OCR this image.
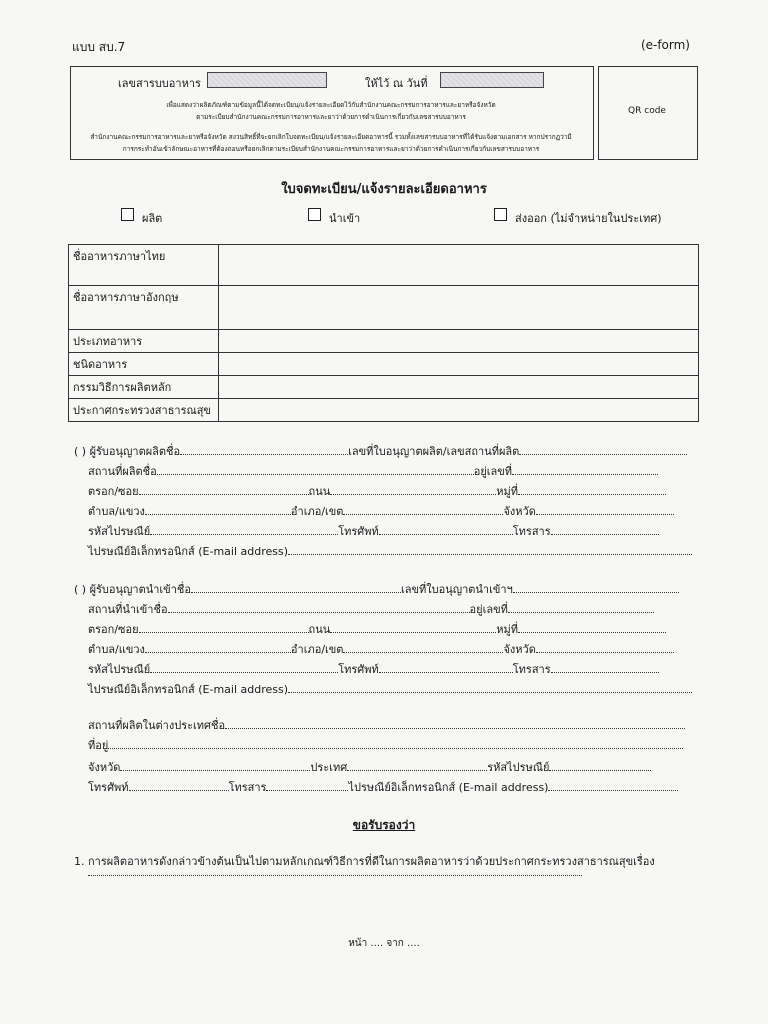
แบบ สบ.7	(e-form)
เลขสารบบอาหาร	ให้ไว้ ณ วันที่
เพื่อแสดงว่าผลิตภัณฑ์ตามข้อมูลนี้ได้จดทะเบียน/แจ้งรายละเอียดไว้กับสำนักงานคณะกรรมการอาหารและยาหรือจังหวัด
ตามระเบียบสำนักงานคณะกรรมการอาหารและยาว่าด้วยการดำเนินการเกี่ยวกับเลขสารบบอาหาร
สำนักงานคณะกรรมการอาหารและยาหรือจังหวัด สงวนสิทธิ์ที่จะยกเลิกใบจดทะเบียน/แจ้งรายละเอียดอาหารนี้ รวมทั้งเลขสารบบอาหารที่ได้รับแจ้งตามเอกสาร หากปรากฏว่ามี
การกระทำอันเข้าลักษณะอาหารที่ต้องถอนหรือยกเลิกตามระเบียบสำนักงานคณะกรรมการอาหารและยาว่าด้วยการดำเนินการเกี่ยวกับเลขสารบบอาหาร
QR code
ใบจดทะเบียน/แจ้งรายละเอียดอาหาร
ผลิต	นำเข้า	ส่งออก (ไม่จำหน่ายในประเทศ)
ชื่ออาหารภาษาไทย	
ชื่ออาหารภาษาอังกฤษ	
ประเภทอาหาร	
ชนิดอาหาร	
กรรมวิธีการผลิตหลัก	
ประกาศกระทรวงสาธารณสุข	
( ) ผู้รับอนุญาตผลิตชื่อ	เลขที่ใบอนุญาตผลิต/เลขสถานที่ผลิต
สถานที่ผลิตชื่อ	อยู่เลขที่
ตรอก/ซอย	ถนน	หมู่ที่
ตำบล/แขวง	อำเภอ/เขต	จังหวัด
รหัสไปรษณีย์	โทรศัพท์	โทรสาร
ไปรษณีย์อิเล็กทรอนิกส์ (E-mail address)
( ) ผู้รับอนุญาตนำเข้าชื่อ	เลขที่ใบอนุญาตนำเข้าฯ
สถานที่นำเข้าชื่อ	อยู่เลขที่
ตรอก/ซอย	ถนน	หมู่ที่
ตำบล/แขวง	อำเภอ/เขต	จังหวัด
รหัสไปรษณีย์	โทรศัพท์	โทรสาร
ไปรษณีย์อิเล็กทรอนิกส์ (E-mail address)
สถานที่ผลิตในต่างประเทศชื่อ
ที่อยู่
จังหวัด	ประเทศ	รหัสไปรษณีย์
โทรศัพท์	โทรสาร	ไปรษณีย์อิเล็กทรอนิกส์ (E-mail address)
ขอรับรองว่า
1. การผลิตอาหารดังกล่าวข้างต้นเป็นไปตามหลักเกณฑ์วิธีการที่ดีในการผลิตอาหารว่าด้วยประกาศกระทรวงสาธารณสุขเรื่อง
หน้า .... จาก ....
